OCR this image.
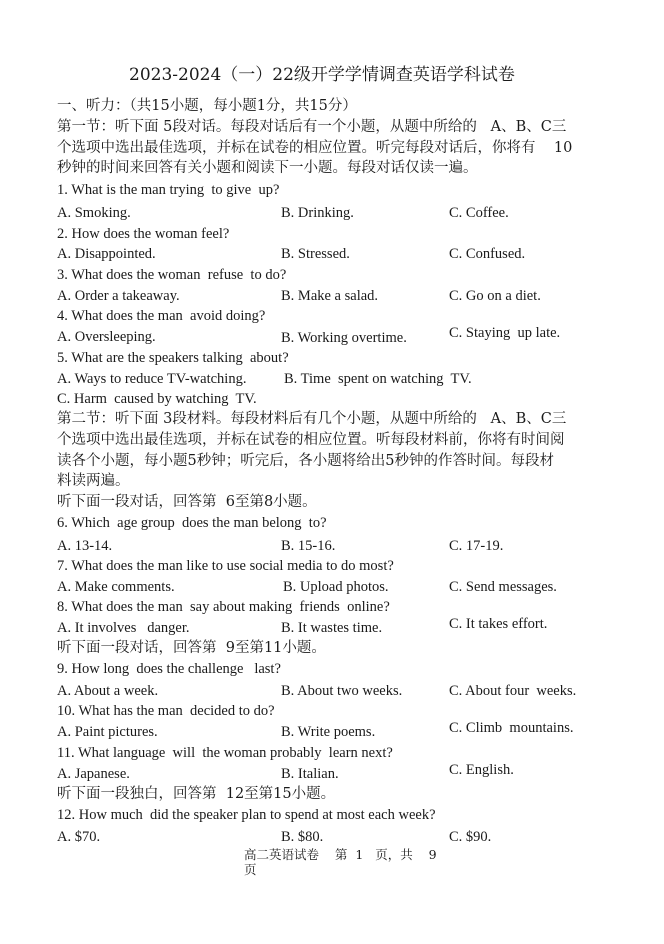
2023-2024（一）22级开学学情调查英语学科试卷
一、听力：（共15小题，每小题1分，共15分）
第一节：听下面 5段对话。每段对话后有一个小题，从题中所给的   A、B、C三
个选项中选出最佳选项，并标在试卷的相应位置。听完每段对话后，你将有    10
秒钟的时间来回答有关小题和阅读下一小题。每段对话仅读一遍。
1. What is the man trying  to give  up?
A. Smoking.	B. Drinking.	C. Coffee.
2. How does the woman feel?
A. Disappointed.	B. Stressed.	C. Confused.
3. What does the woman  refuse  to do?
A. Order a takeaway.	B. Make a salad.	C. Go on a diet.
4. What does the man  avoid doing?
A. Oversleeping.	B. Working overtime.	C. Staying  up late.
5. What are the speakers talking  about?
A. Ways to reduce TV-watching.	B. Time  spent on watching  TV.
C. Harm  caused by watching  TV.
第二节：听下面 3段材料。每段材料后有几个小题，从题中所给的   A、B、C三
个选项中选出最佳选项，并标在试卷的相应位置。听每段材料前，你将有时间阅
读各个小题，每小题5秒钟；听完后，各小题将给出5秒钟的作答时间。每段材
料读两遍。
听下面一段对话，回答第  6至第8小题。
6. Which  age group  does the man belong  to?
A. 13-14.	B. 15-16.	C. 17-19.
7. What does the man like to use social media to do most?
A. Make comments.	B. Upload photos.	C. Send messages.
8. What does the man  say about making  friends  online?
A. It involves   danger.	B. It wastes time.	C. It takes effort.
听下面一段对话，回答第  9至第11小题。
9. How long  does the challenge   last?
A. About a week.	B. About two weeks.	C. About four  weeks.
10. What has the man  decided to do?
A. Paint pictures.	B. Write poems.	C. Climb  mountains.
11. What language  will  the woman probably  learn next?
A. Japanese.	B. Italian.	C. English.
听下面一段独白，回答第  12至第15小题。
12. How much  did the speaker plan to spend at most each week?
A. $70.	B. $80.	C. $90.
高二英语试卷    第  1   页，共    9
页
